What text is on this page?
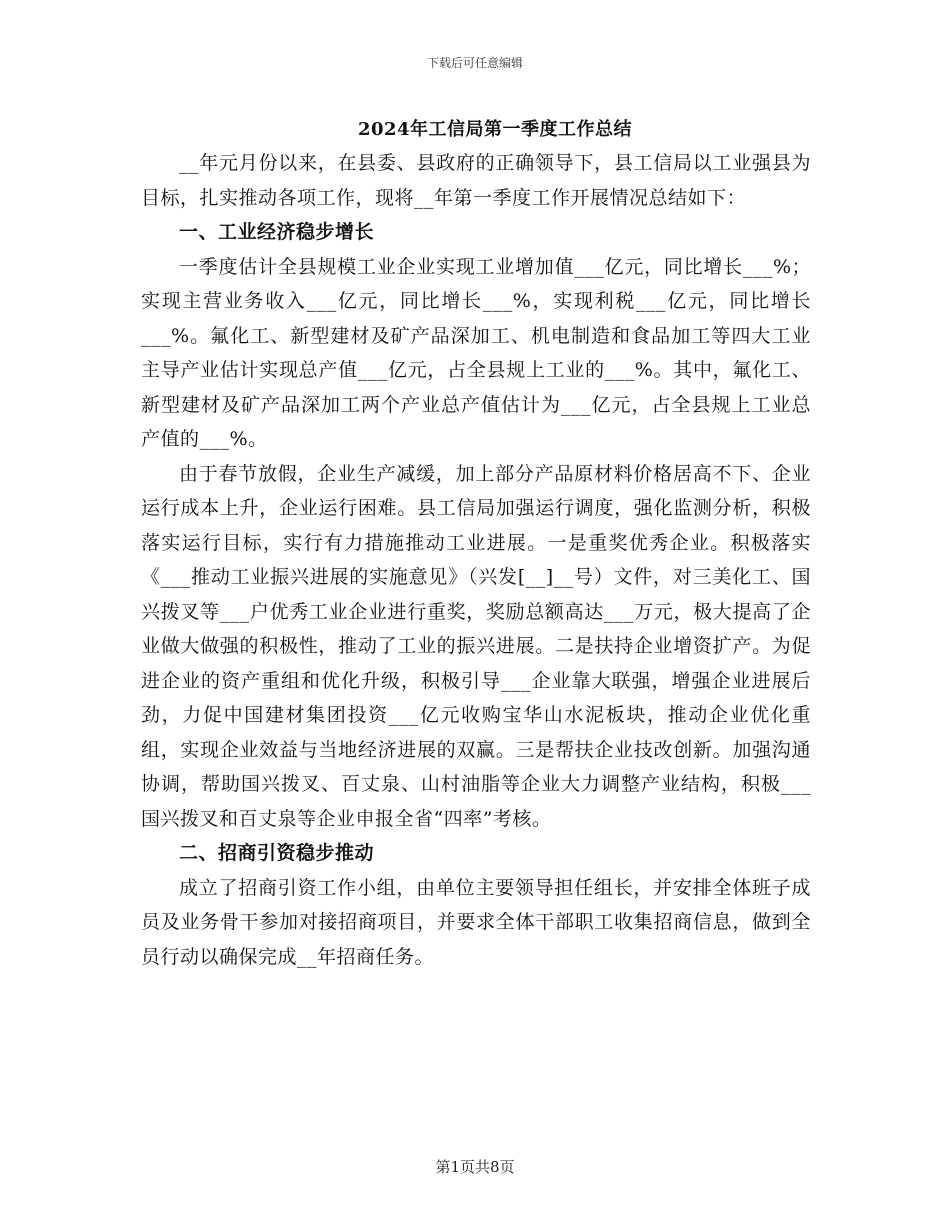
下载后可任意编辑
2024年工信局第一季度工作总结

__年元月份以来，在县委、县政府的正确领导下，县工信局以工业强县为目标，扎实推动各项工作，现将__年第一季度工作开展情况总结如下：

一、工业经济稳步增长

一季度估计全县规模工业企业实现工业增加值___亿元，同比增长___%；实现主营业务收入___亿元，同比增长___%，实现利税___亿元，同比增长___%。氟化工、新型建材及矿产品深加工、机电制造和食品加工等四大工业主导产业估计实现总产值___亿元，占全县规上工业的___%。其中，氟化工、新型建材及矿产品深加工两个产业总产值估计为___亿元，占全县规上工业总产值的___%。

由于春节放假，企业生产减缓，加上部分产品原材料价格居高不下、企业运行成本上升，企业运行困难。县工信局加强运行调度，强化监测分析，积极落实运行目标，实行有力措施推动工业进展。一是重奖优秀企业。积极落实《___推动工业振兴进展的实施意见》（兴发[__]__号）文件，对三美化工、国兴拨叉等___户优秀工业企业进行重奖，奖励总额高达___万元，极大提高了企业做大做强的积极性，推动了工业的振兴进展。二是扶持企业增资扩产。为促进企业的资产重组和优化升级，积极引导___企业靠大联强，增强企业进展后劲，力促中国建材集团投资___亿元收购宝华山水泥板块，推动企业优化重组，实现企业效益与当地经济进展的双赢。三是帮扶企业技改创新。加强沟通协调，帮助国兴拨叉、百丈泉、山村油脂等企业大力调整产业结构，积极___国兴拨叉和百丈泉等企业申报全省“四率”考核。

二、招商引资稳步推动

成立了招商引资工作小组，由单位主要领导担任组长，并安排全体班子成员及业务骨干参加对接招商项目，并要求全体干部职工收集招商信息，做到全员行动以确保完成__年招商任务。

第1页共8页
